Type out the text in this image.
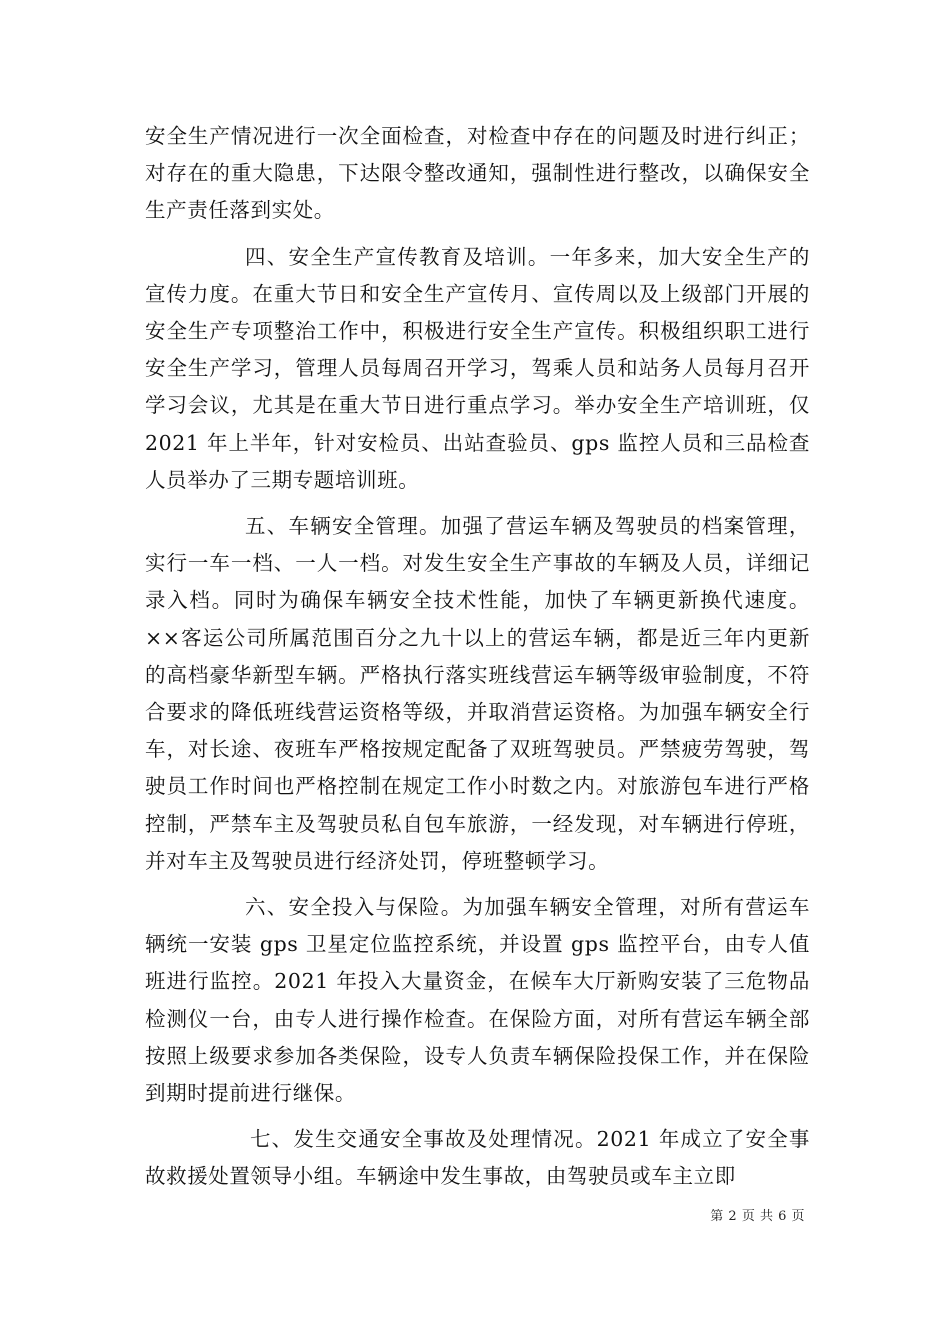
安全生产情况进行一次全面检查，对检查中存在的问题及时进行纠正；对存在的重大隐患，下达限令整改通知，强制性进行整改，以确保安全生产责任落到实处。

四、安全生产宣传教育及培训。一年多来，加大安全生产的宣传力度。在重大节日和安全生产宣传月、宣传周以及上级部门开展的安全生产专项整治工作中，积极进行安全生产宣传。积极组织职工进行安全生产学习，管理人员每周召开学习，驾乘人员和站务人员每月召开学习会议，尤其是在重大节日进行重点学习。举办安全生产培训班，仅 2021 年上半年，针对安检员、出站查验员、gps 监控人员和三品检查人员举办了三期专题培训班。

五、车辆安全管理。加强了营运车辆及驾驶员的档案管理，实行一车一档、一人一档。对发生安全生产事故的车辆及人员，详细记录入档。同时为确保车辆安全技术性能，加快了车辆更新换代速度。××客运公司所属范围百分之九十以上的营运车辆，都是近三年内更新的高档豪华新型车辆。严格执行落实班线营运车辆等级审验制度，不符合要求的降低班线营运资格等级，并取消营运资格。为加强车辆安全行车，对长途、夜班车严格按规定配备了双班驾驶员。严禁疲劳驾驶，驾驶员工作时间也严格控制在规定工作小时数之内。对旅游包车进行严格控制，严禁车主及驾驶员私自包车旅游，一经发现，对车辆进行停班，并对车主及驾驶员进行经济处罚，停班整顿学习。

六、安全投入与保险。为加强车辆安全管理，对所有营运车辆统一安装 gps 卫星定位监控系统，并设置 gps 监控平台，由专人值班进行监控。2021 年投入大量资金，在候车大厅新购安装了三危物品检测仪一台，由专人进行操作检查。在保险方面，对所有营运车辆全部按照上级要求参加各类保险，设专人负责车辆保险投保工作，并在保险到期时提前进行继保。

七、发生交通安全事故及处理情况。2021 年成立了安全事故救援处置领导小组。车辆途中发生事故，由驾驶员或车主立即

第 2 页 共 6 页
